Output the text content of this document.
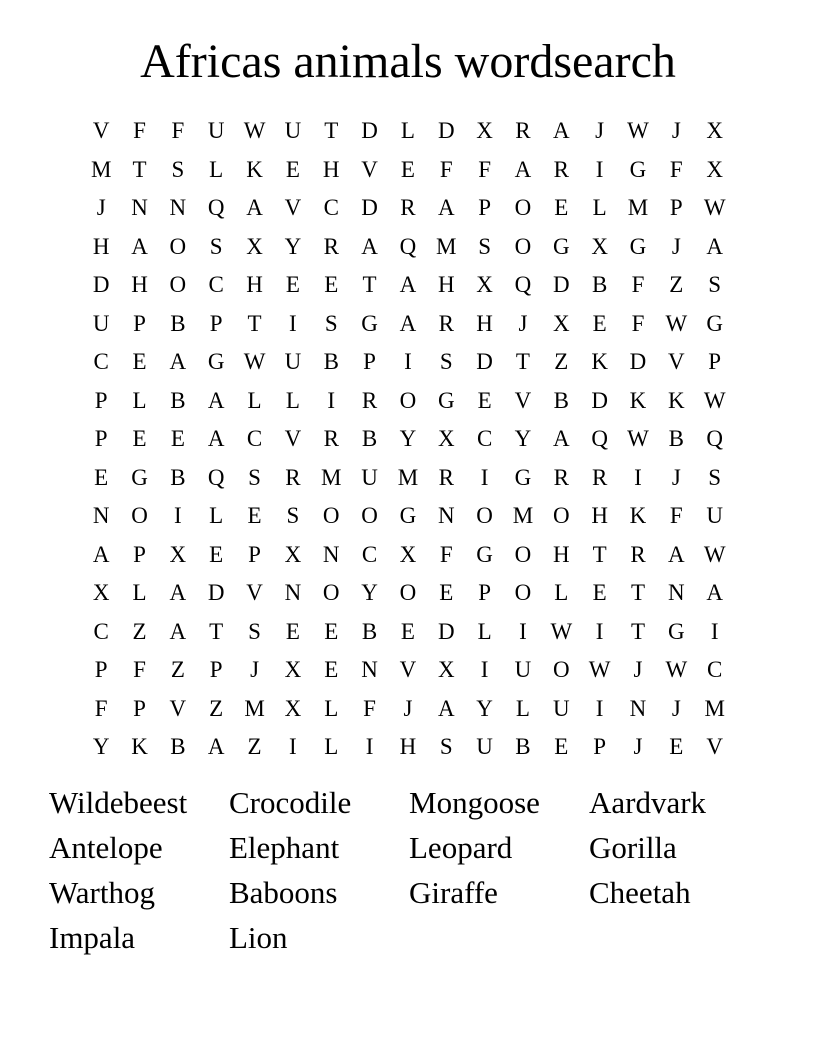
Africas animals wordsearch
V	F	F	U W U	T	D	L	D X R A	J	W	J	X
M T	S	L	K	E	H V	E	F	F	A R	I	G	F	X
J	N N Q A V C D R A	P	O	E	L M P W
H A O	S	X Y R A Q M S	O G X G	J	A
D H O C H	E	E	T	A H X Q D B	F	Z	S
U	P	B	P	T	I	S	G A R H	J	X	E	F W G
C	E	A G W U B	P	I	S	D	T	Z	K D V	P
P	L	B A	L	L	I	R O G	E	V B D K K W
P	E	E	A C V R	B Y X C Y A Q W B Q
E	G B Q	S	R M U M R	I	G R	R	I	J	S
N O	I	L	E	S	O O G N O M O H K	F	U
A	P	X	E	P	X N C X	F	G O H	T	R A W
X	L	A D V N O Y O	E	P	O	L	E	T	N A
C	Z	A	T	S	E	E	B	E	D	L	I	W	I	T	G	I
P	F	Z	P	J	X	E	N V X	I	U O W	J	W C
F	P	V	Z M X	L	F	J	A Y	L	U	I	N	J	M
Y K B A	Z	I	L	I	H	S	U B	E	P	J	E	V
Wildebeest	Crocodile	Mongoose	Aardvark
Antelope	Elephant	Leopard	Gorilla
Warthog	Baboons	Giraffe	Cheetah
Impala	Lion
